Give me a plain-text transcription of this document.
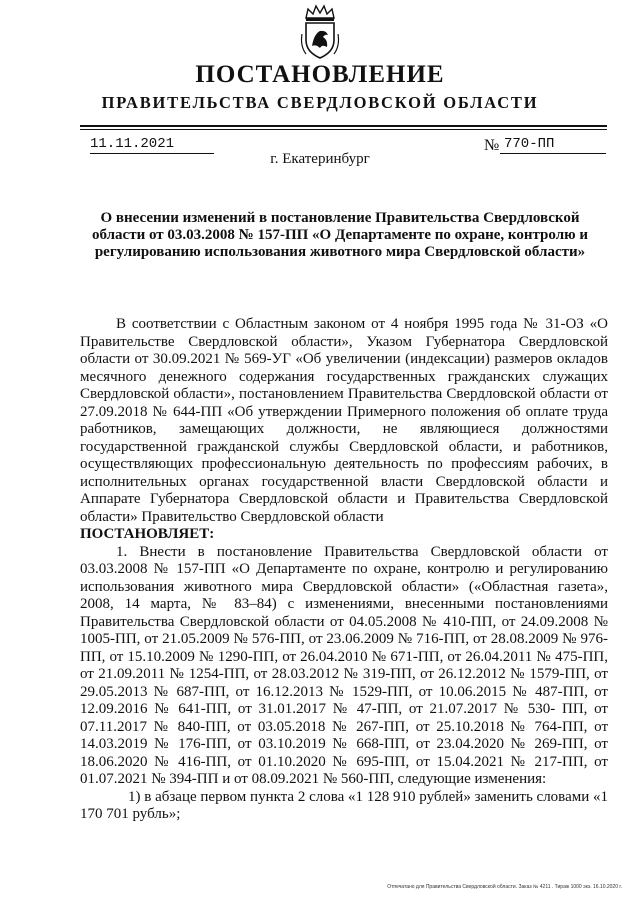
ПОСТАНОВЛЕНИЕ
ПРАВИТЕЛЬСТВА СВЕРДЛОВСКОЙ ОБЛАСТИ
11.11.2021	№ 770-ПП
г. Екатеринбург
О внесении изменений в постановление Правительства Свердловской области от 03.03.2008 № 157-ПП «О Департаменте по охране, контролю и регулированию использования животного мира Свердловской области»

В соответствии с Областным законом от 4 ноября 1995 года № 31-ОЗ «О Правительстве Свердловской области», Указом Губернатора Свердловской области от 30.09.2021 № 569-УГ «Об увеличении (индексации) размеров окладов месячного денежного содержания государственных гражданских служащих Свердловской области», постановлением Правительства Свердловской области от 27.09.2018 № 644-ПП «Об утверждении Примерного положения об оплате труда работников, замещающих должности, не являющиеся должностями государственной гражданской службы Свердловской области, и работников, осуществляющих профессиональную деятельность по профессиям рабочих, в исполнительных органах государственной власти Свердловской области и Аппарате Губернатора Свердловской области и Правительства Свердловской области» Правительство Свердловской области

ПОСТАНОВЛЯЕТ:

1. Внести в постановление Правительства Свердловской области от 03.03.2008 № 157-ПП «О Департаменте по охране, контролю и регулированию использования животного мира Свердловской области» («Областная газета», 2008, 14 марта, № 83–84) с изменениями, внесенными постановлениями Правительства Свердловской области от 04.05.2008 № 410-ПП, от 24.09.2008 № 1005-ПП, от 21.05.2009 № 576-ПП, от 23.06.2009 № 716-ПП, от 28.08.2009 № 976-ПП, от 15.10.2009 № 1290-ПП, от 26.04.2010 № 671-ПП, от 26.04.2011 № 475-ПП, от 21.09.2011 № 1254-ПП, от 28.03.2012 № 319-ПП, от 26.12.2012 № 1579-ПП, от 29.05.2013 № 687-ПП, от 16.12.2013 № 1529-ПП, от 10.06.2015 № 487-ПП, от 12.09.2016 № 641-ПП, от 31.01.2017 № 47-ПП, от 21.07.2017 № 530- ПП, от 07.11.2017 № 840-ПП, от 03.05.2018 № 267-ПП, от 25.10.2018 № 764-ПП, от 14.03.2019 № 176-ПП, от 03.10.2019 № 668-ПП, от 23.04.2020 № 269-ПП, от 18.06.2020 № 416-ПП, от 01.10.2020 № 695-ПП, от 15.04.2021 № 217-ПП, от 01.07.2021 № 394-ПП и от 08.09.2021 № 560-ПП, следующие изменения:

1) в абзаце первом пункта 2 слова «1 128 910 рублей» заменить словами «1 170 701 рубль»;

Отпечатано для Правительства Свердловской области. Заказ № 4211 . Тираж 1000 экз. 16.10.2020 г.
